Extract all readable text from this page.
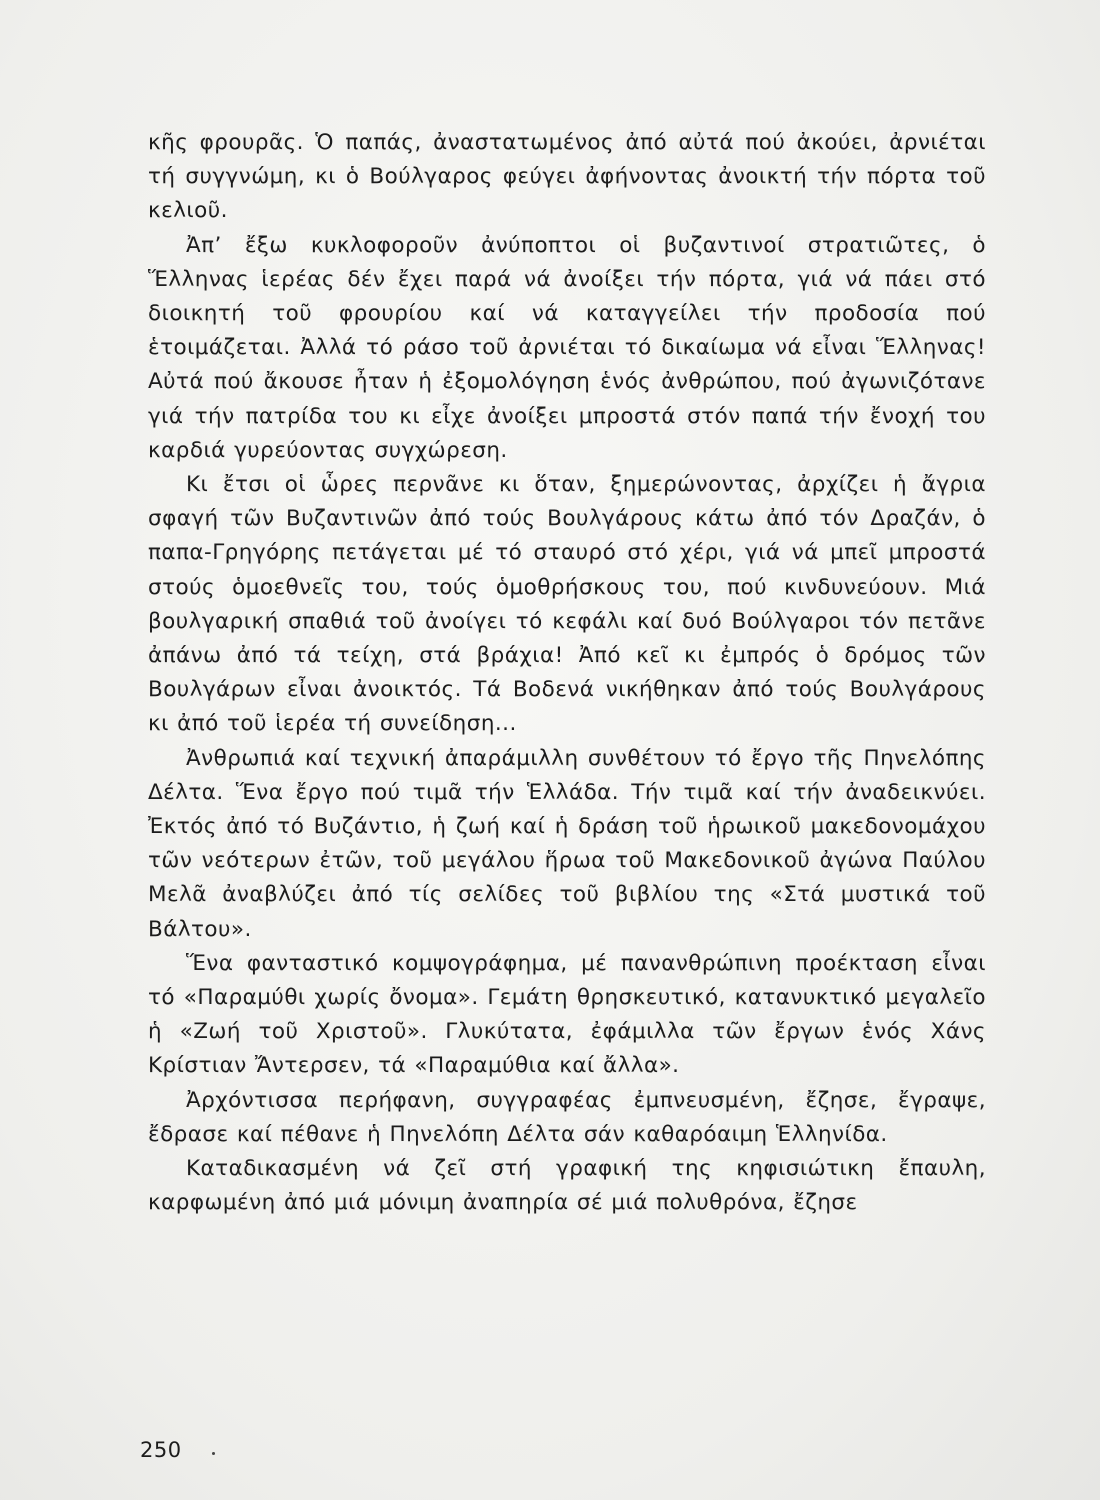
κῆς φρουρᾶς. Ὁ παπάς, ἀναστατωμένος ἀπό αὐτά πού ἀκούει, ἀρνιέται τή συγγνώμη, κι ὁ Βούλγαρος φεύγει ἀφήνοντας ἀνοικτή τήν πόρτα τοῦ κελιοῦ.

Ἀπ’ ἔξω κυκλοφοροῦν ἀνύποπτοι οἱ βυζαντινοί στρατιῶτες, ὁ Ἕλληνας ἱερέας δέν ἔχει παρά νά ἀνοίξει τήν πόρτα, γιά νά πάει στό διοικητή τοῦ φρουρίου καί νά καταγγείλει τήν προδοσία πού ἑτοιμάζεται. Ἀλλά τό ράσο τοῦ ἀρνιέται τό δικαίωμα νά εἶναι Ἕλληνας! Αὐτά πού ἄκουσε ἦταν ἡ ἐξομολόγηση ἑνός ἀνθρώπου, πού ἀγωνιζότανε γιά τήν πατρίδα του κι εἶχε ἀνοίξει μπροστά στόν παπά τήν ἔνοχή του καρδιά γυρεύοντας συγχώρεση.

Κι ἔτσι οἱ ὧρες περνᾶνε κι ὅταν, ξημερώνοντας, ἀρχίζει ἡ ἄγρια σφαγή τῶν Βυζαντινῶν ἀπό τούς Βουλγάρους κάτω ἀπό τόν Δραζάν, ὁ παπα-Γρηγόρης πετάγεται μέ τό σταυρό στό χέρι, γιά νά μπεῖ μπροστά στούς ὁμοεθνεῖς του, τούς ὁμοθρήσκους του, πού κινδυνεύουν. Μιά βουλγαρική σπαθιά τοῦ ἀνοίγει τό κεφάλι καί δυό Βούλγαροι τόν πετᾶνε ἀπάνω ἀπό τά τείχη, στά βράχια! Ἀπό κεῖ κι ἐμπρός ὁ δρόμος τῶν Βουλγάρων εἶναι ἀνοικτός. Τά Βοδενά νικήθηκαν ἀπό τούς Βουλγάρους κι ἀπό τοῦ ἱερέα τή συνείδηση...

Ἀνθρωπιά καί τεχνική ἀπαράμιλλη συνθέτουν τό ἔργο τῆς Πηνελόπης Δέλτα. Ἕνα ἔργο πού τιμᾶ τήν Ἑλλάδα. Τήν τιμᾶ καί τήν ἀναδεικνύει. Ἐκτός ἀπό τό Βυζάντιο, ἡ ζωή καί ἡ δράση τοῦ ἡρωικοῦ μακεδονομάχου τῶν νεότερων ἐτῶν, τοῦ μεγάλου ἥρωα τοῦ Μακεδονικοῦ ἀγώνα Παύλου Μελᾶ ἀναβλύζει ἀπό τίς σελίδες τοῦ βιβλίου της «Στά μυστικά τοῦ Βάλτου».

Ἕνα φανταστικό κομψογράφημα, μέ πανανθρώπινη προέκταση εἶναι τό «Παραμύθι χωρίς ὄνομα». Γεμάτη θρησκευτικό, κατανυκτικό μεγαλεῖο ἡ «Ζωή τοῦ Χριστοῦ». Γλυκύτατα, ἐφάμιλλα τῶν ἔργων ἑνός Χάνς Κρίστιαν Ἄντερσεν, τά «Παραμύθια καί ἄλλα».

Ἀρχόντισσα περήφανη, συγγραφέας ἐμπνευσμένη, ἔζησε, ἔγραψε, ἔδρασε καί πέθανε ἡ Πηνελόπη Δέλτα σάν καθαρόαιμη Ἑλληνίδα.

Καταδικασμένη νά ζεῖ στή γραφική της κηφισιώτικη ἔπαυλη, καρφωμένη ἀπό μιά μόνιμη ἀναπηρία σέ μιά πολυθρόνα, ἔζησε

250
